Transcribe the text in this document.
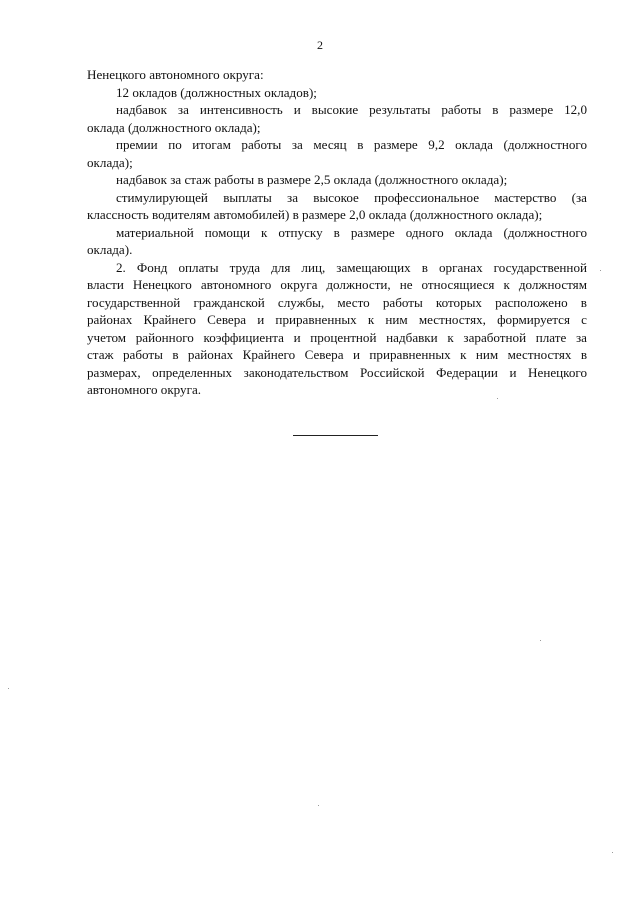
2
Ненецкого автономного округа:
12 окладов (должностных окладов);
надбавок за интенсивность и высокие результаты работы в размере 12,0
оклада (должностного оклада);
премии по итогам работы за месяц в размере 9,2 оклада (должностного
оклада);
надбавок за стаж работы в размере 2,5 оклада (должностного оклада);
стимулирующей выплаты за высокое профессиональное мастерство (за
классность водителям автомобилей) в размере 2,0 оклада (должностного оклада);
материальной помощи к отпуску в размере одного оклада (должностного
оклада).
2. Фонд оплаты труда для лиц, замещающих в органах государственной
власти Ненецкого автономного округа должности, не относящиеся к должностям
государственной гражданской службы, место работы которых расположено в
районах Крайнего Севера и приравненных к ним местностях, формируется с
учетом районного коэффициента и процентной надбавки к заработной плате за
стаж работы в районах Крайнего Севера и приравненных к ним местностях в
размерах, определенных законодательством Российской Федерации и Ненецкого
автономного округа.
